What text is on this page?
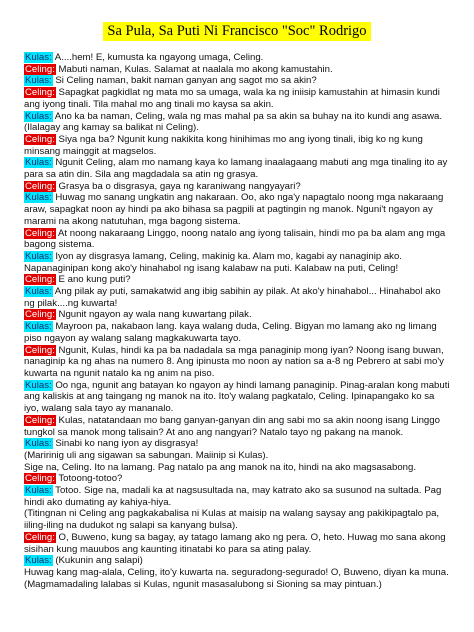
Sa Pula, Sa Puti Ni Francisco "Soc" Rodrigo

Kulas: A....hem! E, kumusta ka ngayong umaga, Celing.

Celing: Mabuti naman, Kulas. Salamat at naalala mo akong kamustahin.

Kulas: Si Celing naman, bakit naman ganyan ang sagot mo sa akin?

Celing: Sapagkat pagkidlat ng mata mo sa umaga, wala ka ng iniisip kamustahin at himasin kundi ang iyong tinali. Tila mahal mo ang tinali mo kaysa sa akin.

Kulas: Ano ka ba naman, Celing, wala ng mas mahal pa sa akin sa buhay na ito kundi ang asawa.

(Ilalagay ang kamay sa balikat ni Celing).

Celing: Siya nga ba? Ngunit kung nakikita kong hinihimas mo ang iyong tinali, ibig ko ng kung minsang mainggit at magselos.

Kulas: Ngunit Celing, alam mo namang kaya ko lamang inaalagaang mabuti ang mga tinaling ito ay para sa atin din. Sila ang magdadala sa atin ng grasya.

Celing: Grasya ba o disgrasya, gaya ng karaniwang nangyayari?

Kulas: Huwag mo sanang ungkatin ang nakaraan. Oo, ako nga'y napagtalo noong mga nakaraang araw, sapagkat noon ay hindi pa ako bihasa sa pagpili at pagtingin ng manok. Nguni't ngayon ay marami na akong natutuhan, mga bagong sistema.

Celing: At noong nakaraang Linggo, noong natalo ang iyong talisain, hindi mo pa ba alam ang mga bagong sistema.

Kulas: Iyon ay disgrasya lamang, Celing, makinig ka. Alam mo, kagabi ay nanaginip ako. Napanaginipan kong ako'y hinahabol ng isang kalabaw na puti. Kalabaw na puti, Celing!

Celing: E ano kung puti?

Kulas: Ang pilak ay puti, samakatwid ang ibig sabihin ay pilak. At ako'y hinahabol... Hinahabol ako ng pilak....ng kuwarta!

Celing: Ngunit ngayon ay wala nang kuwartang pilak.

Kulas: Mayroon pa, nakabaon lang. kaya walang duda, Celing. Bigyan mo lamang ako ng limang piso ngayon ay walang salang magkakuwarta tayo.

Celing: Ngunit, Kulas, hindi ka pa ba nadadala sa mga panaginip mong iyan? Noong isang buwan, nanaginip ka ng ahas na numero 8. Ang ipinusta mo noon ay nation sa a-8 ng Pebrero at sabi mo'y kuwarta na ngunit natalo ka ng anim na piso.

Kulas: Oo nga, ngunit ang batayan ko ngayon ay hindi lamang panaginip. Pinag-aralan kong mabuti ang kaliskis at ang taingang ng manok na ito. Ito'y walang pagkatalo, Celing. Ipinapangako ko sa iyo, walang sala tayo ay mananalo.

Celing: Kulas, natatandaan mo bang ganyan-ganyan din ang sabi mo sa akin noong isang Linggo tungkol sa manok mong talisain? At ano ang nangyari? Natalo tayo ng pakang na manok.

Kulas: Sinabi ko nang iyon ay disgrasya!

(Maririnig uli ang sigawan sa sabungan. Maiinip si Kulas).

Sige na, Celing. Ito na lamang. Pag natalo pa ang manok na ito, hindi na ako magsasabong.

Celing: Totoong-totoo?

Kulas: Totoo. Sige na, madali ka at nagsusultada na, may katrato ako sa susunod na sultada. Pag hindi ako dumating ay kahiya-hiya.

(Titingnan ni Celing ang pagkakabalisa ni Kulas at maisip na walang saysay ang pakikipagtalo pa, iiling-iling na dudukot ng salapi sa kanyang bulsa).

Celing: O, Buweno, kung sa bagay, ay tatago lamang ako ng pera. O, heto. Huwag mo sana akong sisihan kung mauubos ang kaunting itinatabi ko para sa ating palay.

Kulas: (Kukunin ang salapi)

Huwag kang mag-alala, Celing, ito'y kuwarta na. seguradong-segurado! O, Buweno, diyan ka muna.

(Magmamadaling lalabas si Kulas, ngunit masasalubong si Sioning sa may pintuan.)
